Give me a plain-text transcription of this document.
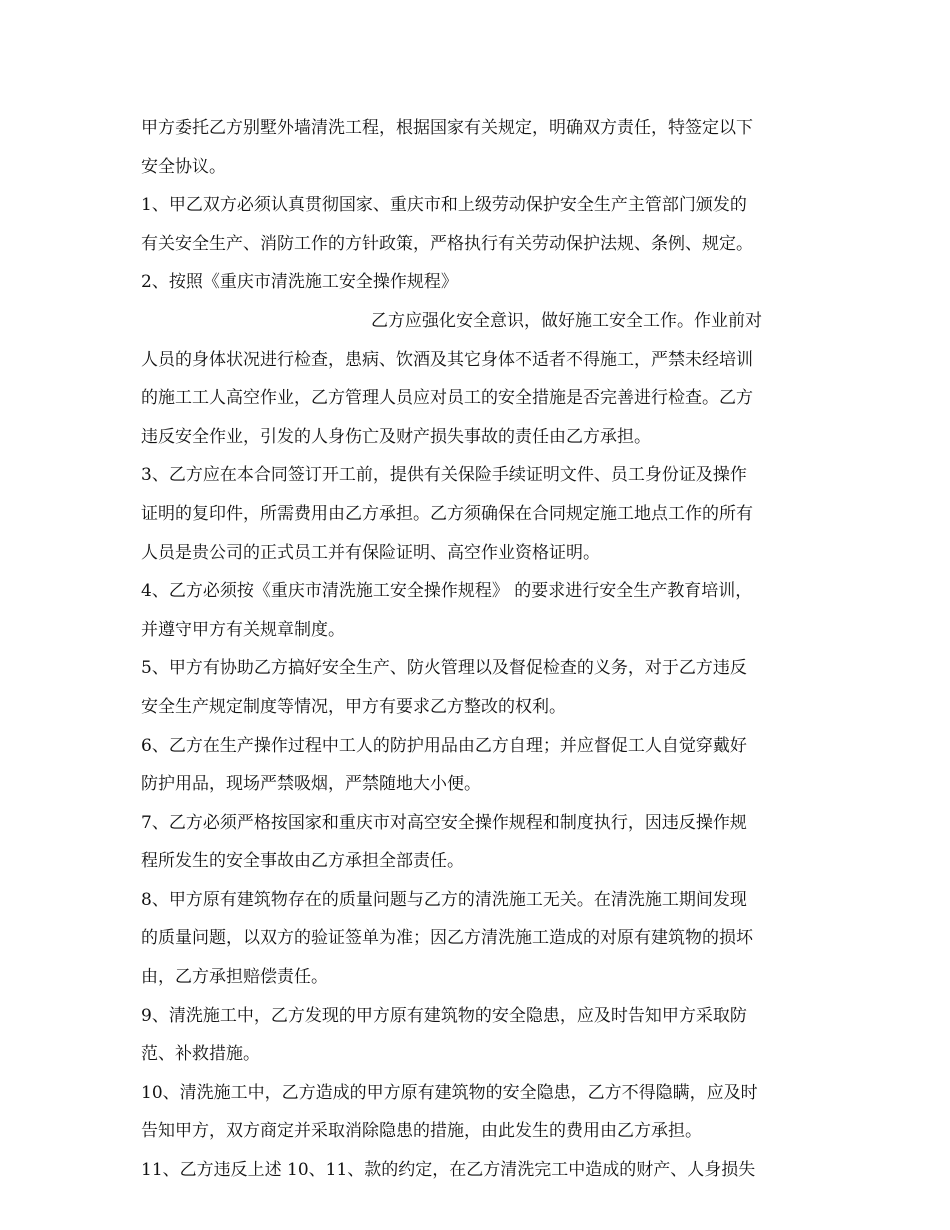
甲方委托乙方别墅外墙清洗工程，根据国家有关规定，明确双方责任，特签定以下
安全协议。
1、甲乙双方必须认真贯彻国家、重庆市和上级劳动保护安全生产主管部门颁发的
有关安全生产、消防工作的方针政策，严格执行有关劳动保护法规、条例、规定。
2、按照《重庆市清洗施工安全操作规程》
乙方应强化安全意识，做好施工安全工作。作业前对
人员的身体状况进行检查，患病、饮酒及其它身体不适者不得施工，严禁未经培训
的施工工人高空作业，乙方管理人员应对员工的安全措施是否完善进行检查。乙方
违反安全作业，引发的人身伤亡及财产损失事故的责任由乙方承担。
3、乙方应在本合同签订开工前，提供有关保险手续证明文件、员工身份证及操作
证明的复印件，所需费用由乙方承担。乙方须确保在合同规定施工地点工作的所有
人员是贵公司的正式员工并有保险证明、高空作业资格证明。
4、乙方必须按《重庆市清洗施工安全操作规程》 的要求进行安全生产教育培训，
并遵守甲方有关规章制度。
5、甲方有协助乙方搞好安全生产、防火管理以及督促检查的义务，对于乙方违反
安全生产规定制度等情况，甲方有要求乙方整改的权利。
6、乙方在生产操作过程中工人的防护用品由乙方自理；并应督促工人自觉穿戴好
防护用品，现场严禁吸烟，严禁随地大小便。
7、乙方必须严格按国家和重庆市对高空安全操作规程和制度执行，因违反操作规
程所发生的安全事故由乙方承担全部责任。
8、甲方原有建筑物存在的质量问题与乙方的清洗施工无关。在清洗施工期间发现
的质量问题，以双方的验证签单为准；因乙方清洗施工造成的对原有建筑物的损坏
由，乙方承担赔偿责任。
9、清洗施工中，乙方发现的甲方原有建筑物的安全隐患，应及时告知甲方采取防
范、补救措施。
10、清洗施工中，乙方造成的甲方原有建筑物的安全隐患，乙方不得隐瞒，应及时
告知甲方，双方商定并采取消除隐患的措施，由此发生的费用由乙方承担。
11、乙方违反上述 10、11、款的约定，在乙方清洗完工中造成的财产、人身损失
